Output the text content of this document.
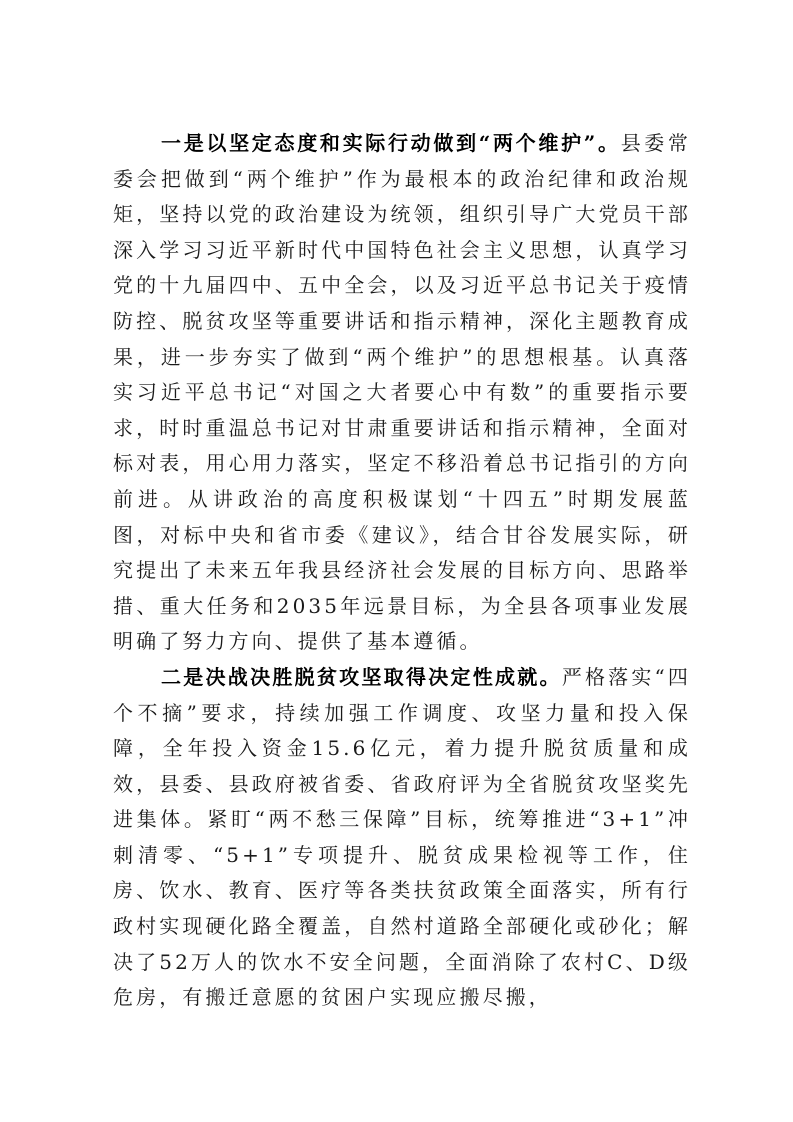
一是以坚定态度和实际行动做到“两个维护”。县委常委会把做到“两个维护”作为最根本的政治纪律和政治规矩，坚持以党的政治建设为统领，组织引导广大党员干部深入学习习近平新时代中国特色社会主义思想，认真学习党的十九届四中、五中全会，以及习近平总书记关于疫情防控、脱贫攻坚等重要讲话和指示精神，深化主题教育成果，进一步夯实了做到“两个维护”的思想根基。认真落实习近平总书记“对国之大者要心中有数”的重要指示要求，时时重温总书记对甘肃重要讲话和指示精神，全面对标对表，用心用力落实，坚定不移沿着总书记指引的方向前进。从讲政治的高度积极谋划“十四五”时期发展蓝图，对标中央和省市委《建议》，结合甘谷发展实际，研究提出了未来五年我县经济社会发展的目标方向、思路举措、重大任务和2035年远景目标，为全县各项事业发展明确了努力方向、提供了基本遵循。

二是决战决胜脱贫攻坚取得决定性成就。严格落实“四个不摘”要求，持续加强工作调度、攻坚力量和投入保障，全年投入资金15.6亿元，着力提升脱贫质量和成效，县委、县政府被省委、省政府评为全省脱贫攻坚奖先进集体。紧盯“两不愁三保障”目标，统筹推进“3+1”冲刺清零、“5+1”专项提升、脱贫成果检视等工作，住房、饮水、教育、医疗等各类扶贫政策全面落实，所有行政村实现硬化路全覆盖，自然村道路全部硬化或砂化；解决了52万人的饮水不安全问题，全面消除了农村C、D级危房，有搬迁意愿的贫困户实现应搬尽搬，
